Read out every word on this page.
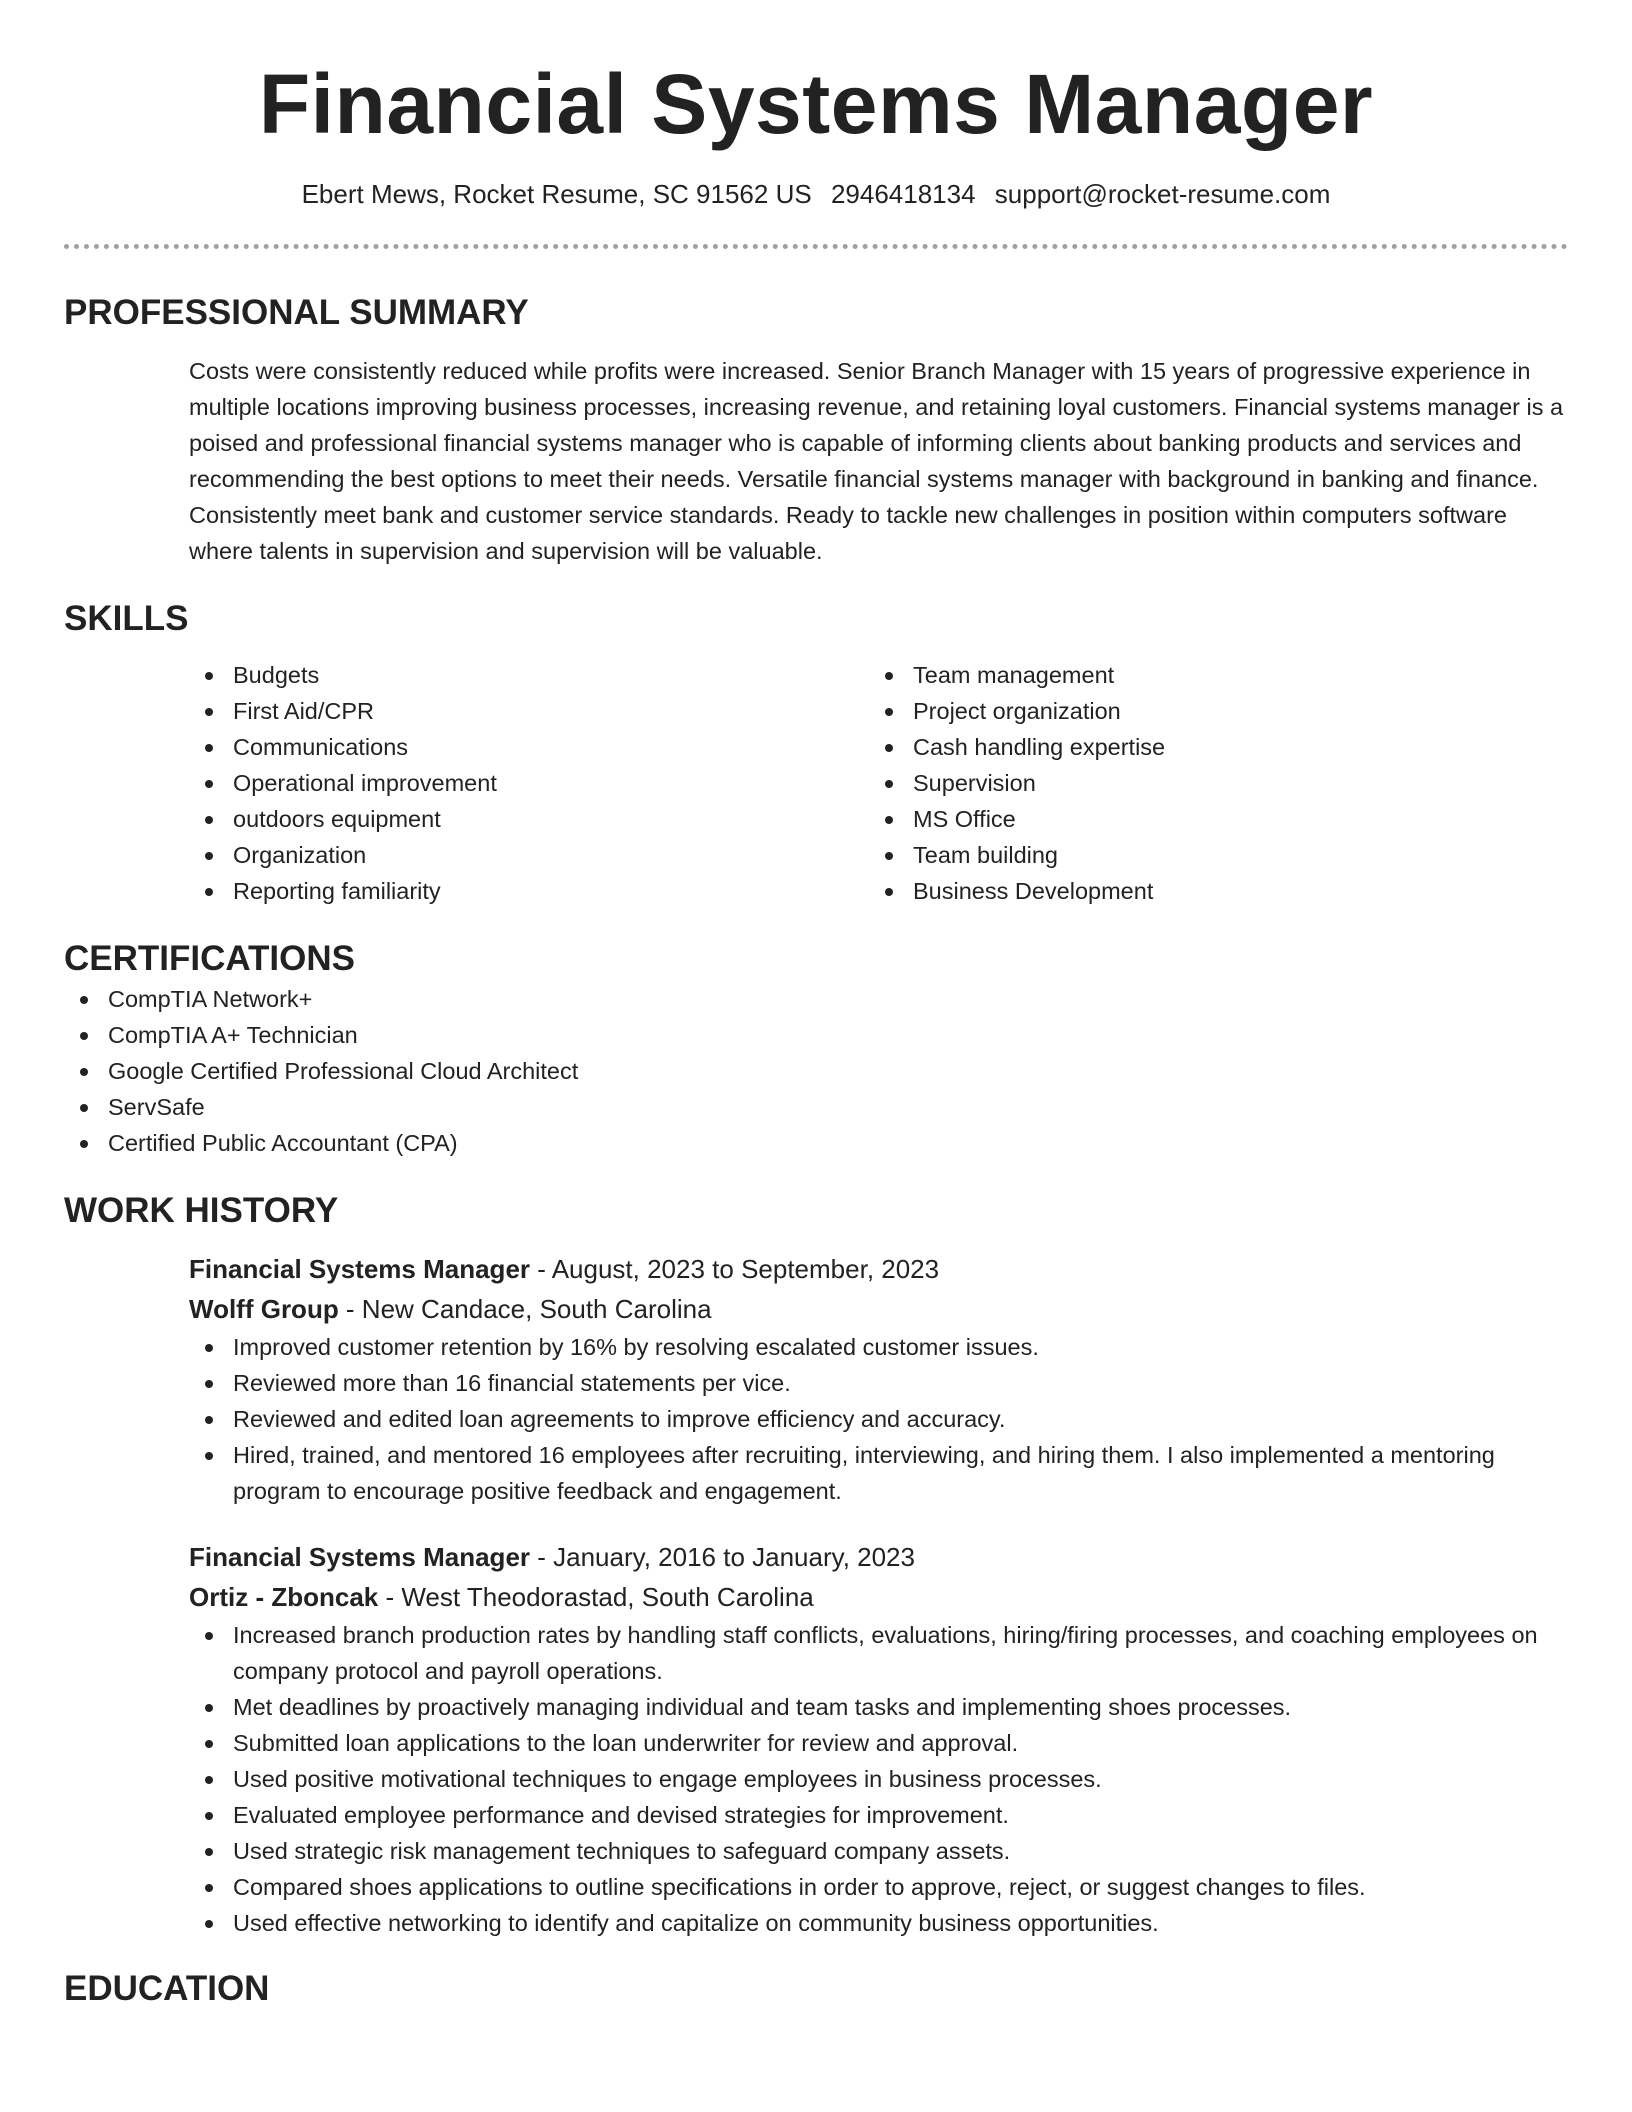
Financial Systems Manager
Ebert Mews, Rocket Resume, SC 91562 US 2946418134 support@rocket-resume.com
PROFESSIONAL SUMMARY

Costs were consistently reduced while profits were increased. Senior Branch Manager with 15 years of progressive experience in multiple locations improving business processes, increasing revenue, and retaining loyal customers. Financial systems manager is a poised and professional financial systems manager who is capable of informing clients about banking products and services and recommending the best options to meet their needs. Versatile financial systems manager with background in banking and finance. Consistently meet bank and customer service standards. Ready to tackle new challenges in position within computers software where talents in supervision and supervision will be valuable.

SKILLS
Budgets
First Aid/CPR
Communications
Operational improvement
outdoors equipment
Organization
Reporting familiarity
Team management
Project organization
Cash handling expertise
Supervision
MS Office
Team building
Business Development
CERTIFICATIONS
CompTIA Network+
CompTIA A+ Technician
Google Certified Professional Cloud Architect
ServSafe
Certified Public Accountant (CPA)
WORK HISTORY
Financial Systems Manager - August, 2023 to September, 2023
Wolff Group - New Candace, South Carolina
Improved customer retention by 16% by resolving escalated customer issues.
Reviewed more than 16 financial statements per vice.
Reviewed and edited loan agreements to improve efficiency and accuracy.
Hired, trained, and mentored 16 employees after recruiting, interviewing, and hiring them. I also implemented a mentoring program to encourage positive feedback and engagement.
Financial Systems Manager - January, 2016 to January, 2023
Ortiz - Zboncak - West Theodorastad, South Carolina
Increased branch production rates by handling staff conflicts, evaluations, hiring/firing processes, and coaching employees on company protocol and payroll operations.
Met deadlines by proactively managing individual and team tasks and implementing shoes processes.
Submitted loan applications to the loan underwriter for review and approval.
Used positive motivational techniques to engage employees in business processes.
Evaluated employee performance and devised strategies for improvement.
Used strategic risk management techniques to safeguard company assets.
Compared shoes applications to outline specifications in order to approve, reject, or suggest changes to files.
Used effective networking to identify and capitalize on community business opportunities.
EDUCATION
